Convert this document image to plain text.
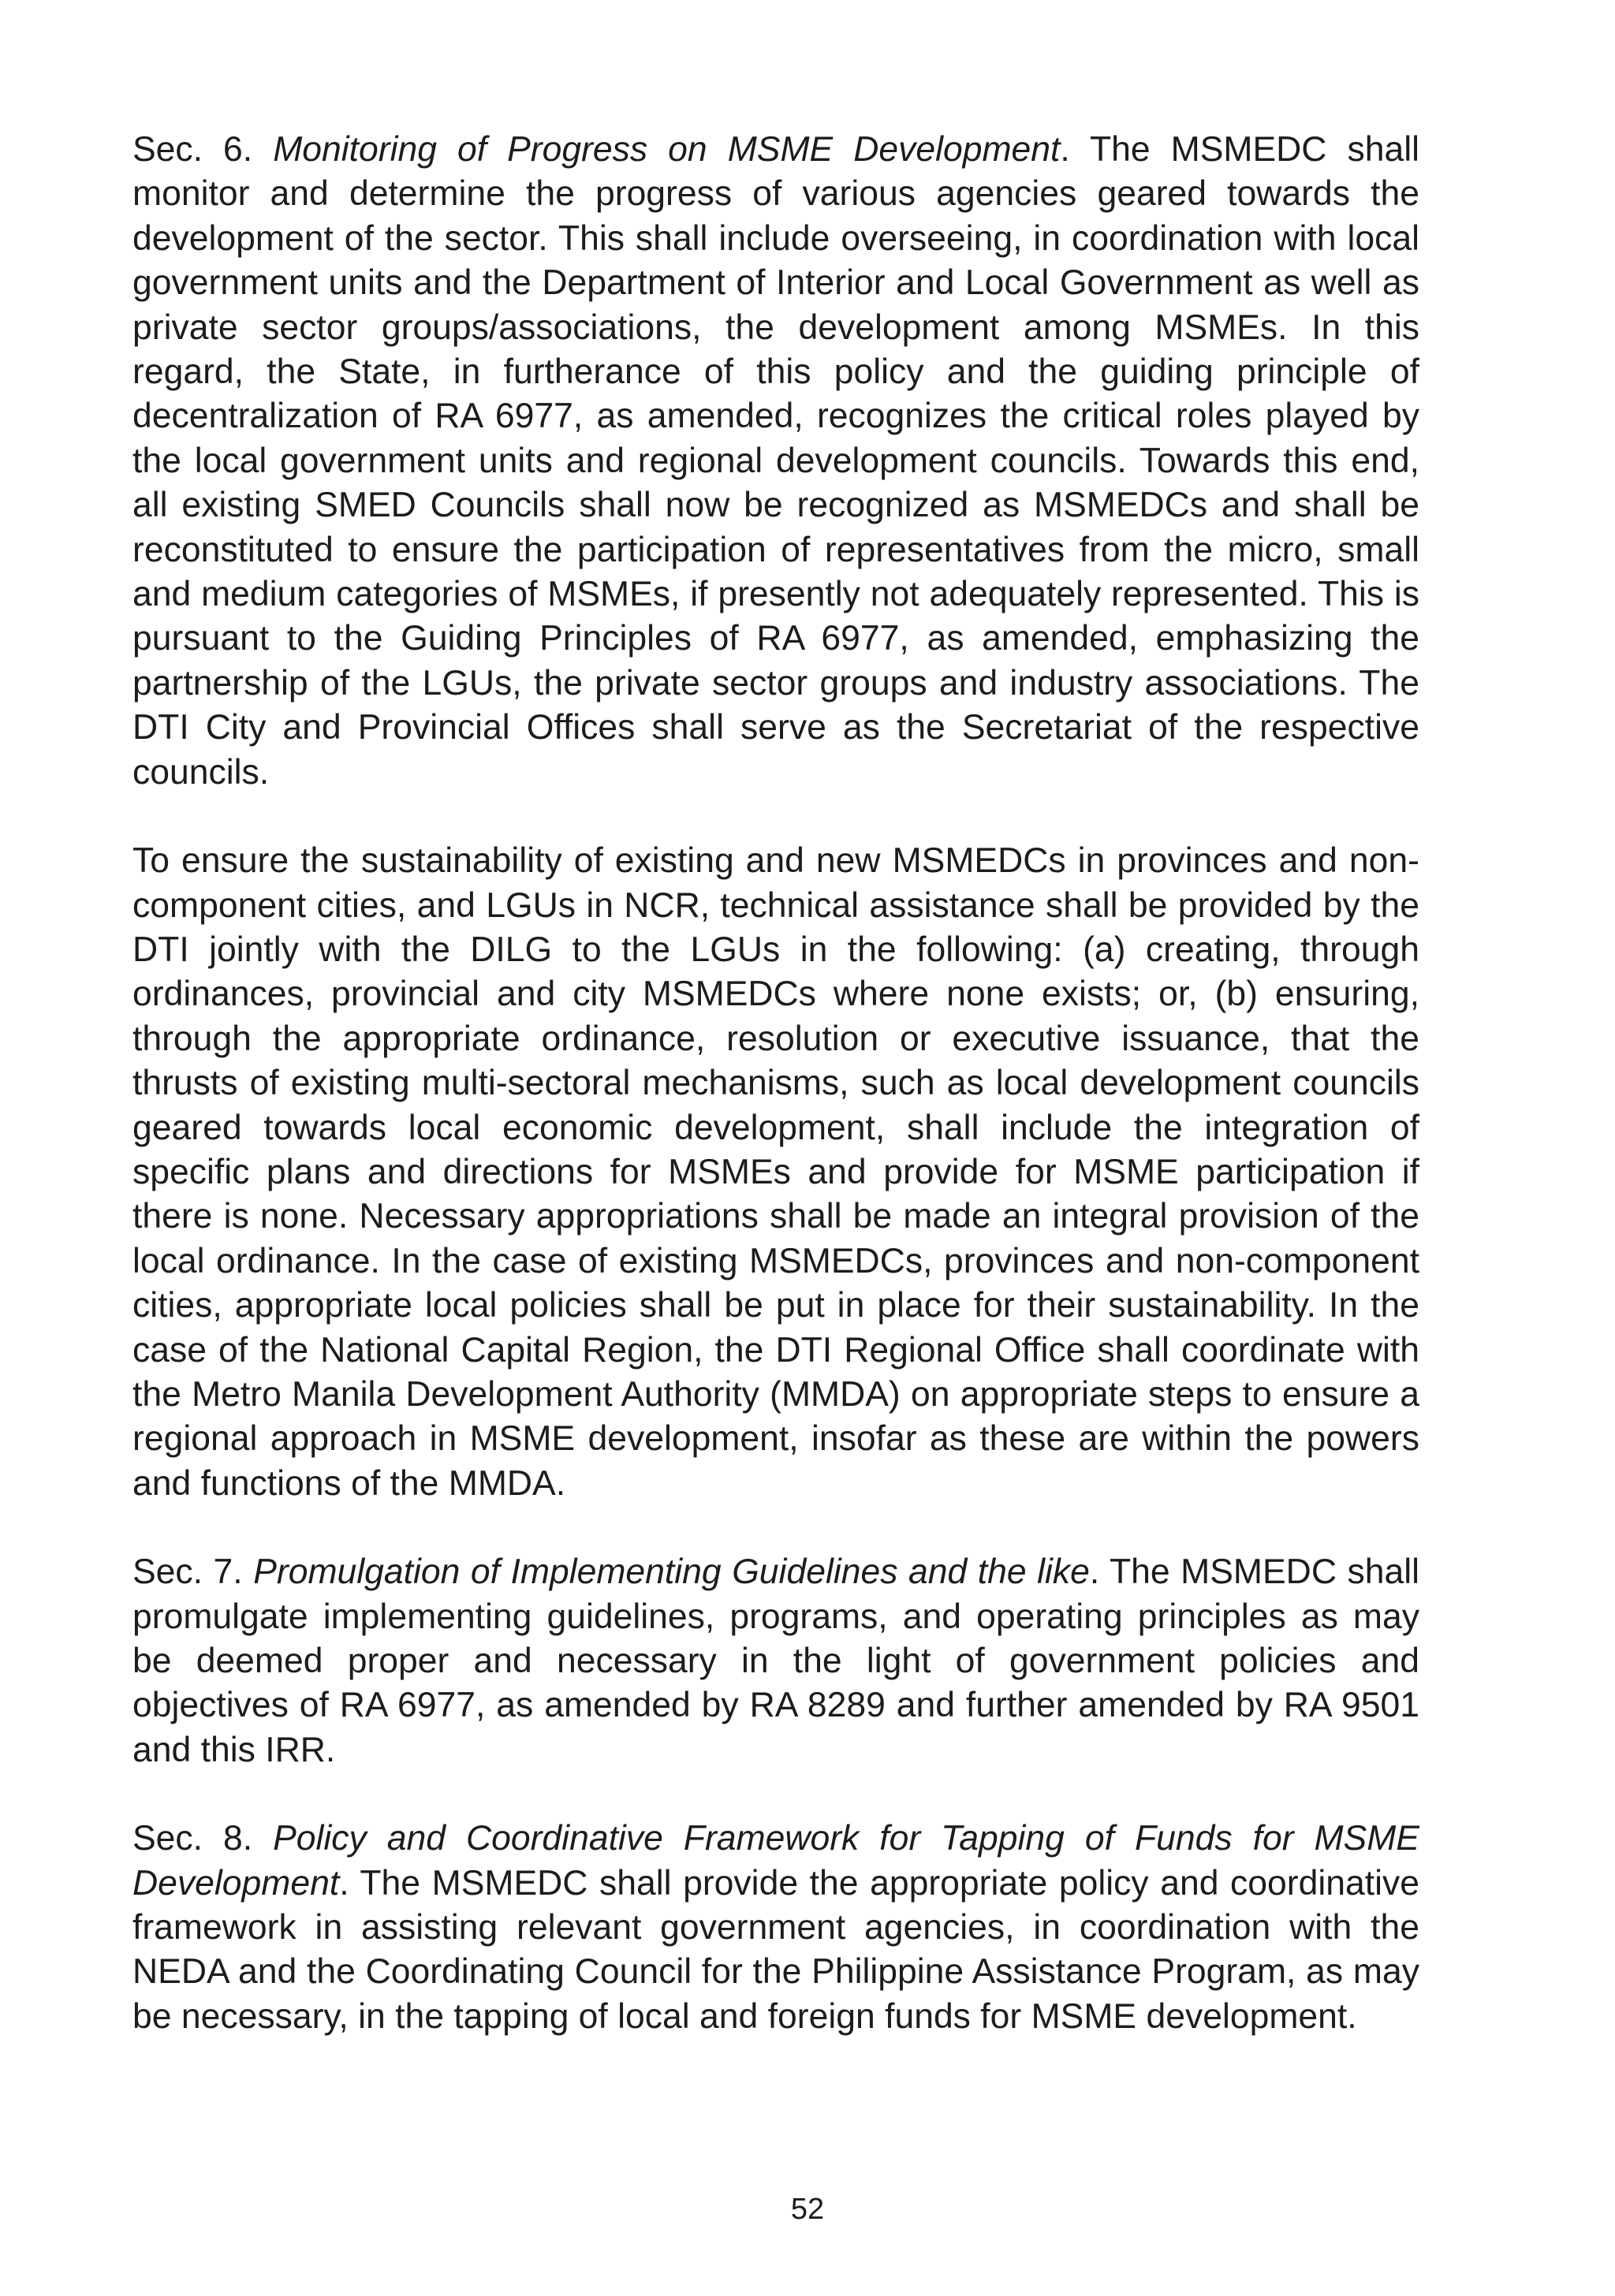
Sec. 6. Monitoring of Progress on MSME Development. The MSMEDC shall monitor and determine the progress of various agencies geared towards the development of the sector. This shall include overseeing, in coordination with local government units and the Department of Interior and Local Government as well as private sector groups/associations, the development among MSMEs. In this regard, the State, in furtherance of this policy and the guiding principle of decentralization of RA 6977, as amended, recognizes the critical roles played by the local government units and regional development councils. Towards this end, all existing SMED Councils shall now be recognized as MSMEDCs and shall be reconstituted to ensure the participation of representatives from the micro, small and medium categories of MSMEs, if presently not adequately represented. This is pursuant to the Guiding Principles of RA 6977, as amended, emphasizing the partnership of the LGUs, the private sector groups and industry associations. The DTI City and Provincial Offices shall serve as the Secretariat of the respective councils.

To ensure the sustainability of existing and new MSMEDCs in provinces and non-component cities, and LGUs in NCR, technical assistance shall be provided by the DTI jointly with the DILG to the LGUs in the following: (a) creating, through ordinances, provincial and city MSMEDCs where none exists; or, (b) ensuring, through the appropriate ordinance, resolution or executive issuance, that the thrusts of existing multi-sectoral mechanisms, such as local development councils geared towards local economic development, shall include the integration of specific plans and directions for MSMEs and provide for MSME participation if there is none. Necessary appropriations shall be made an integral provision of the local ordinance. In the case of existing MSMEDCs, provinces and non-component cities, appropriate local policies shall be put in place for their sustainability. In the case of the National Capital Region, the DTI Regional Office shall coordinate with the Metro Manila Development Authority (MMDA) on appropriate steps to ensure a regional approach in MSME development, insofar as these are within the powers and functions of the MMDA.

Sec. 7. Promulgation of Implementing Guidelines and the like. The MSMEDC shall promulgate implementing guidelines, programs, and operating principles as may be deemed proper and necessary in the light of government policies and objectives of RA 6977, as amended by RA 8289 and further amended by RA 9501 and this IRR.

Sec. 8. Policy and Coordinative Framework for Tapping of Funds for MSME Development. The MSMEDC shall provide the appropriate policy and coordinative framework in assisting relevant government agencies, in coordination with the NEDA and the Coordinating Council for the Philippine Assistance Program, as may be necessary, in the tapping of local and foreign funds for MSME development.

52
